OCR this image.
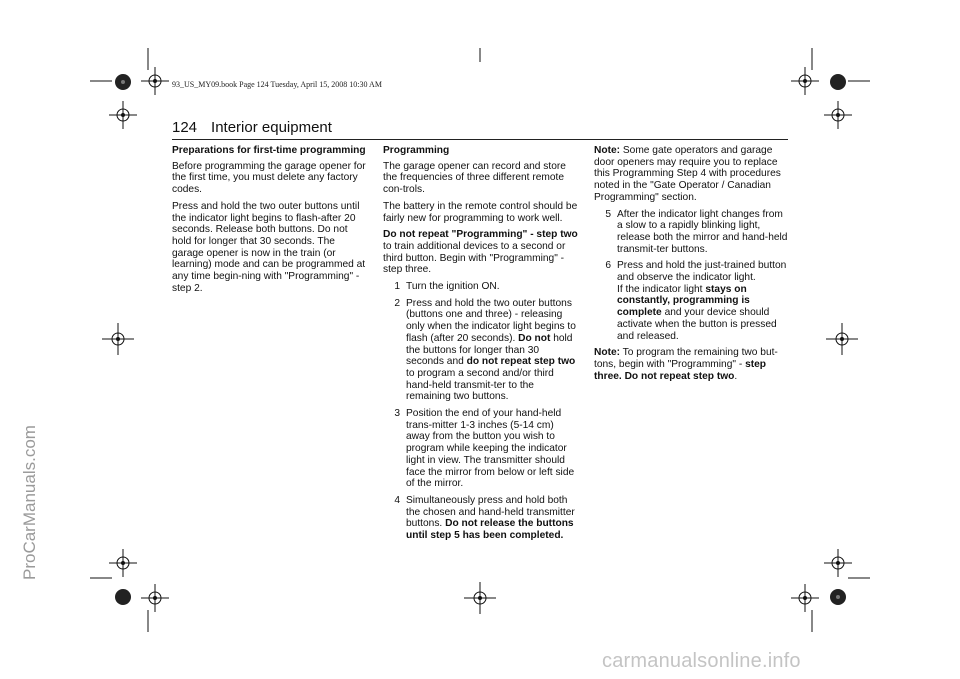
93_US_MY09.book Page 124 Tuesday, April 15, 2008 10:30 AM
124 Interior equipment
Preparations for first-time programming

Before programming the garage opener for the first time, you must delete any factory codes.

Press and hold the two outer buttons until the indicator light begins to flash-after 20 seconds. Release both buttons. Do not hold for longer that 30 seconds. The garage opener is now in the train (or learning) mode and can be programmed at any time begin-ning with "Programming" - step 2.

Programming

The garage opener can record and store the frequencies of three different remote con-trols.

The battery in the remote control should be fairly new for programming to work well.

Do not repeat "Programming" - step two to train additional devices to a second or third button. Begin with "Programming" - step three.

1 Turn the ignition ON.
2 Press and hold the two outer buttons (buttons one and three) - releasing only when the indicator light begins to flash (after 20 seconds). Do not hold the buttons for longer than 30 seconds and do not repeat step two to program a second and/or third hand-held transmit-ter to the remaining two buttons.
3 Position the end of your hand-held trans-mitter 1-3 inches (5-14 cm) away from the button you wish to program while keeping the indicator light in view. The transmitter should face the mirror from below or left side of the mirror.
4 Simultaneously press and hold both the chosen and hand-held transmitter buttons. Do not release the buttons until step 5 has been completed.

Note: Some gate operators and garage door openers may require you to replace this Programming Step 4 with procedures noted in the "Gate Operator / Canadian Programming" section.

5 After the indicator light changes from a slow to a rapidly blinking light, release both the mirror and hand-held transmit-ter buttons.
6 Press and hold the just-trained button and observe the indicator light.
If the indicator light stays on constantly, programming is complete and your device should activate when the button is pressed and released.

Note: To program the remaining two but-tons, begin with "Programming" - step three. Do not repeat step two.

ProCarManuals.com
carmanualsonline.info
